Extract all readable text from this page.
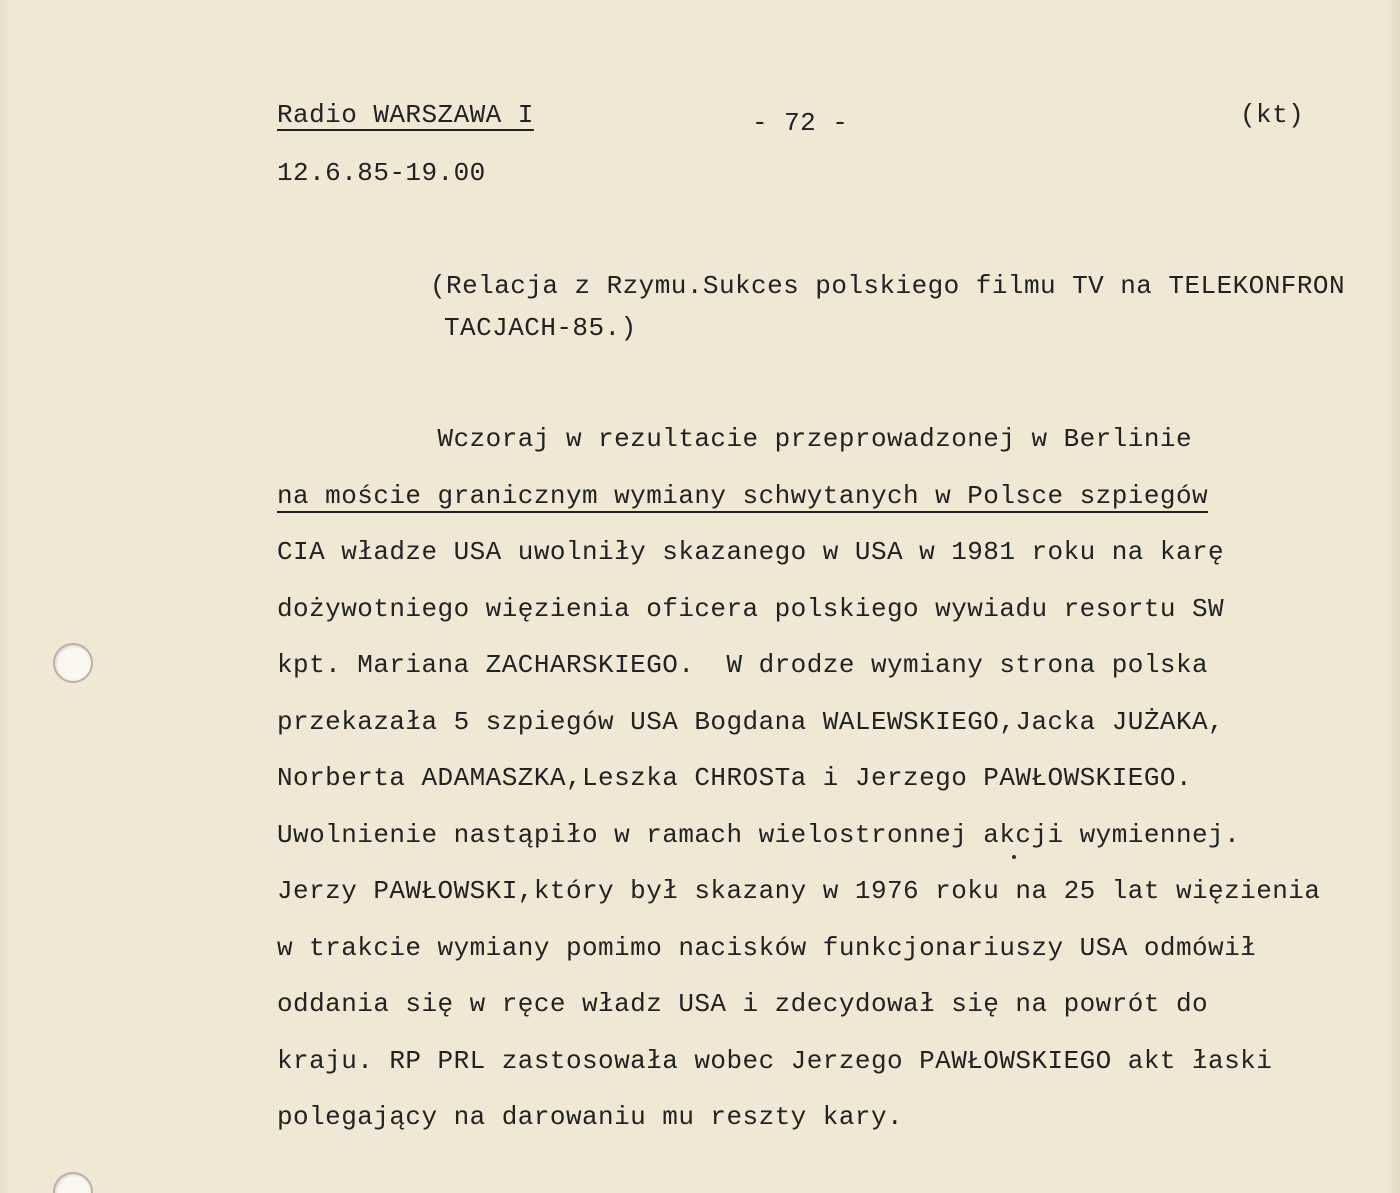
Radio WARSZAWA I	- 72 -	(kt)
12.6.85-19.00
(Relacja z Rzymu.Sukces polskiego filmu TV na TELEKONFRON
TACJACH-85.)
Wczoraj w rezultacie przeprowadzonej w Berlinie
na moście granicznym wymiany schwytanych w Polsce szpiegów
CIA władze USA uwolniły skazanego w USA w 1981 roku na karę
dożywotniego więzienia oficera polskiego wywiadu resortu SW
kpt. Mariana ZACHARSKIEGO.  W drodze wymiany strona polska
przekazała 5 szpiegów USA Bogdana WALEWSKIEGO,Jacka JUŻAKA,
Norberta ADAMASZKA,Leszka CHROSTa i Jerzego PAWŁOWSKIEGO.
Uwolnienie nastąpiło w ramach wielostronnej akcji wymiennej.
Jerzy PAWŁOWSKI,który był skazany w 1976 roku na 25 lat więzienia
w trakcie wymiany pomimo nacisków funkcjonariuszy USA odmówił
oddania się w ręce władz USA i zdecydował się na powrót do
kraju. RP PRL zastosowała wobec Jerzego PAWŁOWSKIEGO akt łaski
polegający na darowaniu mu reszty kary.
